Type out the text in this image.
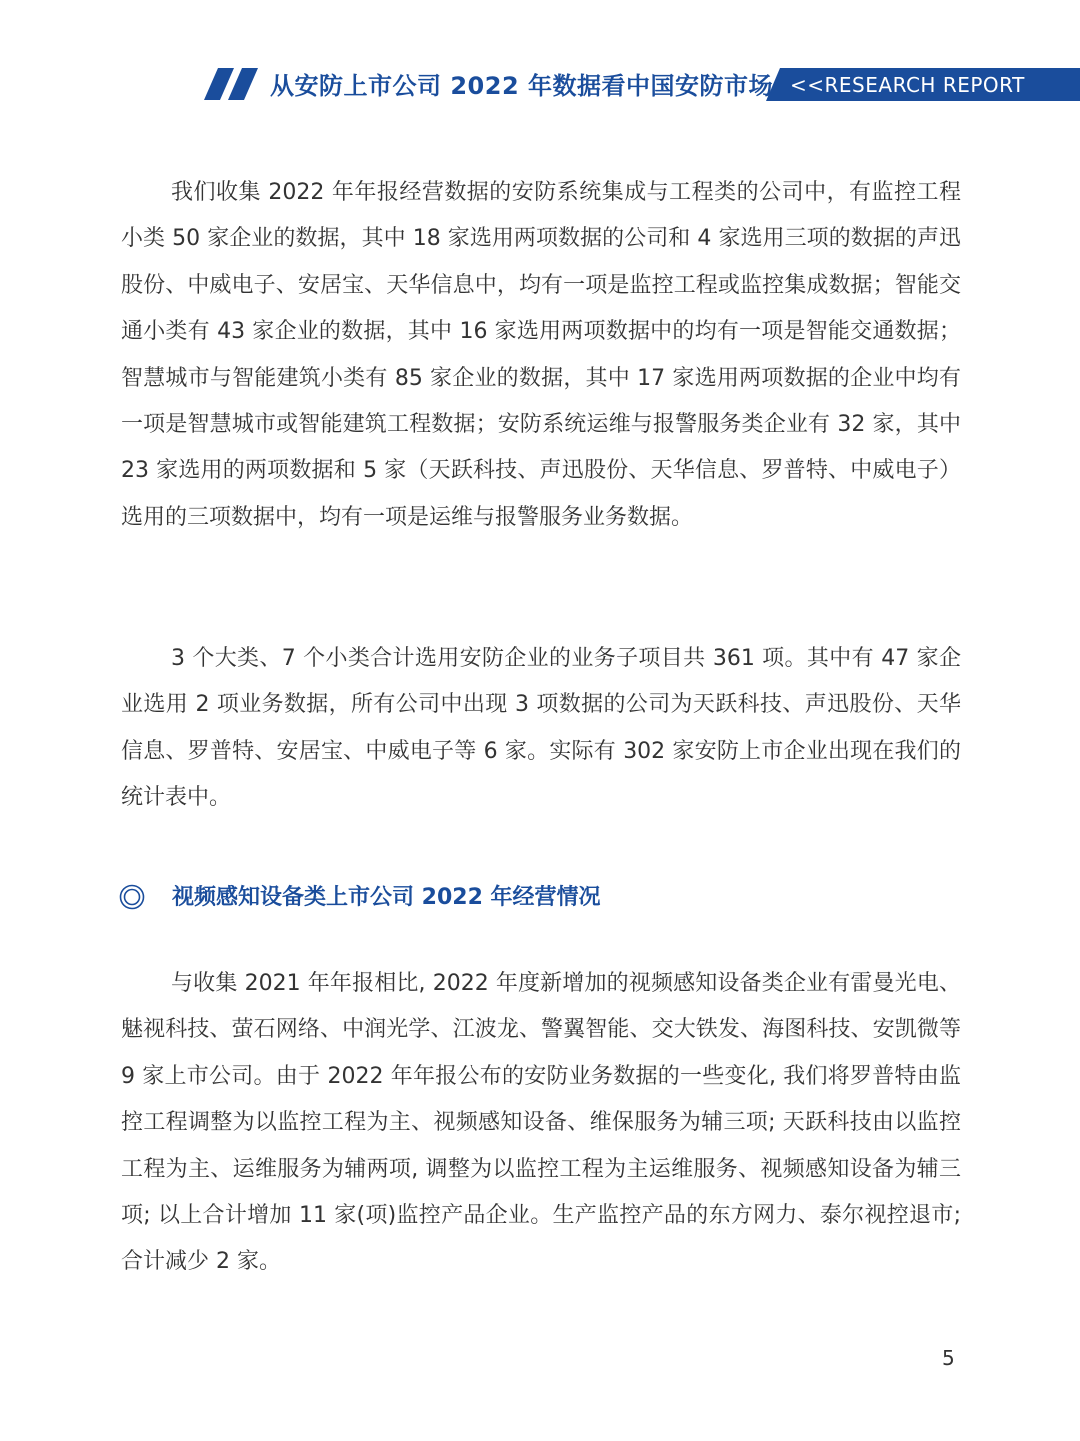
从安防上市公司 2022 年数据看中国安防市场 <<RESEARCH REPORT

我们收集 2022 年年报经营数据的安防系统集成与工程类的公司中，有监控工程小类 50 家企业的数据，其中 18 家选用两项数据的公司和 4 家选用三项的数据的声迅股份、中威电子、安居宝、天华信息中，均有一项是监控工程或监控集成数据；智能交通小类有 43 家企业的数据，其中 16 家选用两项数据中的均有一项是智能交通数据；智慧城市与智能建筑小类有 85 家企业的数据，其中 17 家选用两项数据的企业中均有一项是智慧城市或智能建筑工程数据；安防系统运维与报警服务类企业有 32 家，其中 23 家选用的两项数据和 5 家（天跃科技、声迅股份、天华信息、罗普特、中威电子）选用的三项数据中，均有一项是运维与报警服务业务数据。

3 个大类、7 个小类合计选用安防企业的业务子项目共 361 项。其中有 47 家企业选用 2 项业务数据，所有公司中出现 3 项数据的公司为天跃科技、声迅股份、天华信息、罗普特、安居宝、中威电子等 6 家。实际有 302 家安防上市企业出现在我们的统计表中。

视频感知设备类上市公司 2022 年经营情况

与收集 2021 年年报相比, 2022 年度新增加的视频感知设备类企业有雷曼光电、魅视科技、萤石网络、中润光学、江波龙、警翼智能、交大铁发、海图科技、安凯微等 9 家上市公司。由于 2022 年年报公布的安防业务数据的一些变化, 我们将罗普特由监控工程调整为以监控工程为主、视频感知设备、维保服务为辅三项; 天跃科技由以监控工程为主、运维服务为辅两项, 调整为以监控工程为主运维服务、视频感知设备为辅三项; 以上合计增加 11 家(项)监控产品企业。生产监控产品的东方网力、泰尔视控退市; 合计减少 2 家。

5
